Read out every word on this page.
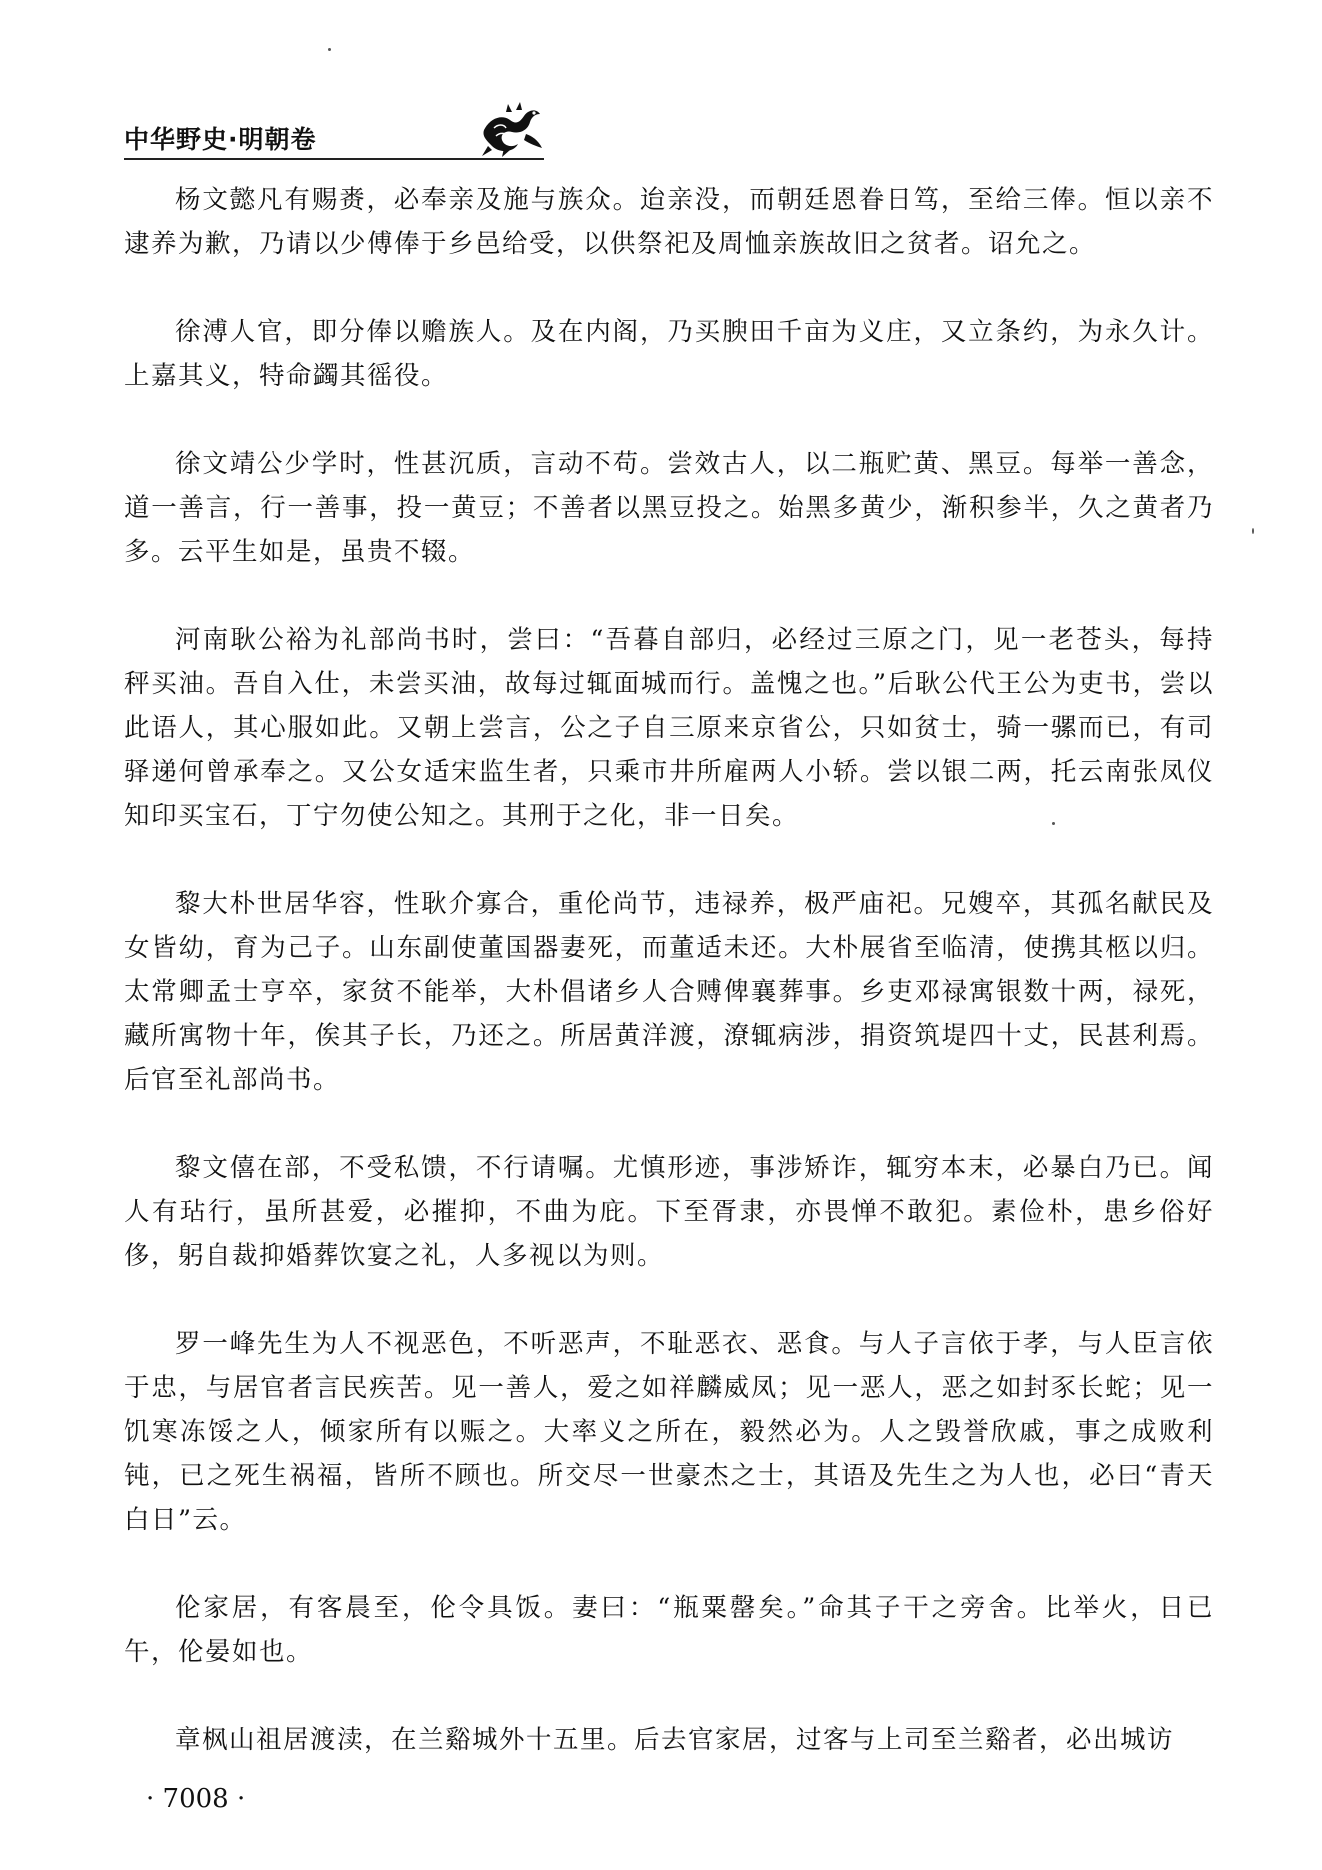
中华野史·明朝卷

杨文懿凡有赐赉，必奉亲及施与族众。迨亲没，而朝廷恩眷日笃，至给三俸。恒以亲不逮养为歉，乃请以少傅俸于乡邑给受，以供祭祀及周恤亲族故旧之贫者。诏允之。

徐溥人官，即分俸以赡族人。及在内阁，乃买腴田千亩为义庄，又立条约，为永久计。上嘉其义，特命蠲其徭役。

徐文靖公少学时，性甚沉质，言动不苟。尝效古人，以二瓶贮黄、黑豆。每举一善念，道一善言，行一善事，投一黄豆；不善者以黑豆投之。始黑多黄少，渐积参半，久之黄者乃多。云平生如是，虽贵不辍。

河南耿公裕为礼部尚书时，尝曰：“吾暮自部归，必经过三原之门，见一老苍头，每持秤买油。吾自入仕，未尝买油，故每过辄面城而行。盖愧之也。”后耿公代王公为吏书，尝以此语人，其心服如此。又朝上尝言，公之子自三原来京省公，只如贫士，骑一骡而已，有司驿递何曾承奉之。又公女适宋监生者，只乘市井所雇两人小轿。尝以银二两，托云南张凤仪知印买宝石，丁宁勿使公知之。其刑于之化，非一日矣。

黎大朴世居华容，性耿介寡合，重伦尚节，违禄养，极严庙祀。兄嫂卒，其孤名献民及女皆幼，育为己子。山东副使董国器妻死，而董适未还。大朴展省至临清，使携其柩以归。太常卿孟士亨卒，家贫不能举，大朴倡诸乡人合赙俾襄葬事。乡吏邓禄寓银数十两，禄死，藏所寓物十年，俟其子长，乃还之。所居黄洋渡，潦辄病涉，捐资筑堤四十丈，民甚利焉。后官至礼部尚书。

黎文僖在部，不受私馈，不行请嘱。尤慎形迹，事涉矫诈，辄穷本末，必暴白乃已。闻人有玷行，虽所甚爱，必摧抑，不曲为庇。下至胥隶，亦畏惮不敢犯。素俭朴，患乡俗好侈，躬自裁抑婚葬饮宴之礼，人多视以为则。

罗一峰先生为人不视恶色，不听恶声，不耻恶衣、恶食。与人子言依于孝，与人臣言依于忠，与居官者言民疾苦。见一善人，爱之如祥麟威凤；见一恶人，恶之如封豕长蛇；见一饥寒冻馁之人，倾家所有以赈之。大率义之所在，毅然必为。人之毁誉欣戚，事之成败利钝，已之死生祸福，皆所不顾也。所交尽一世豪杰之士，其语及先生之为人也，必曰“青天白日”云。

伦家居，有客晨至，伦令具饭。妻曰：“瓶粟罄矣。”命其子干之旁舍。比举火，日已午，伦晏如也。

章枫山祖居渡渎，在兰谿城外十五里。后去官家居，过客与上司至兰谿者，必出城访

· 7008 ·
